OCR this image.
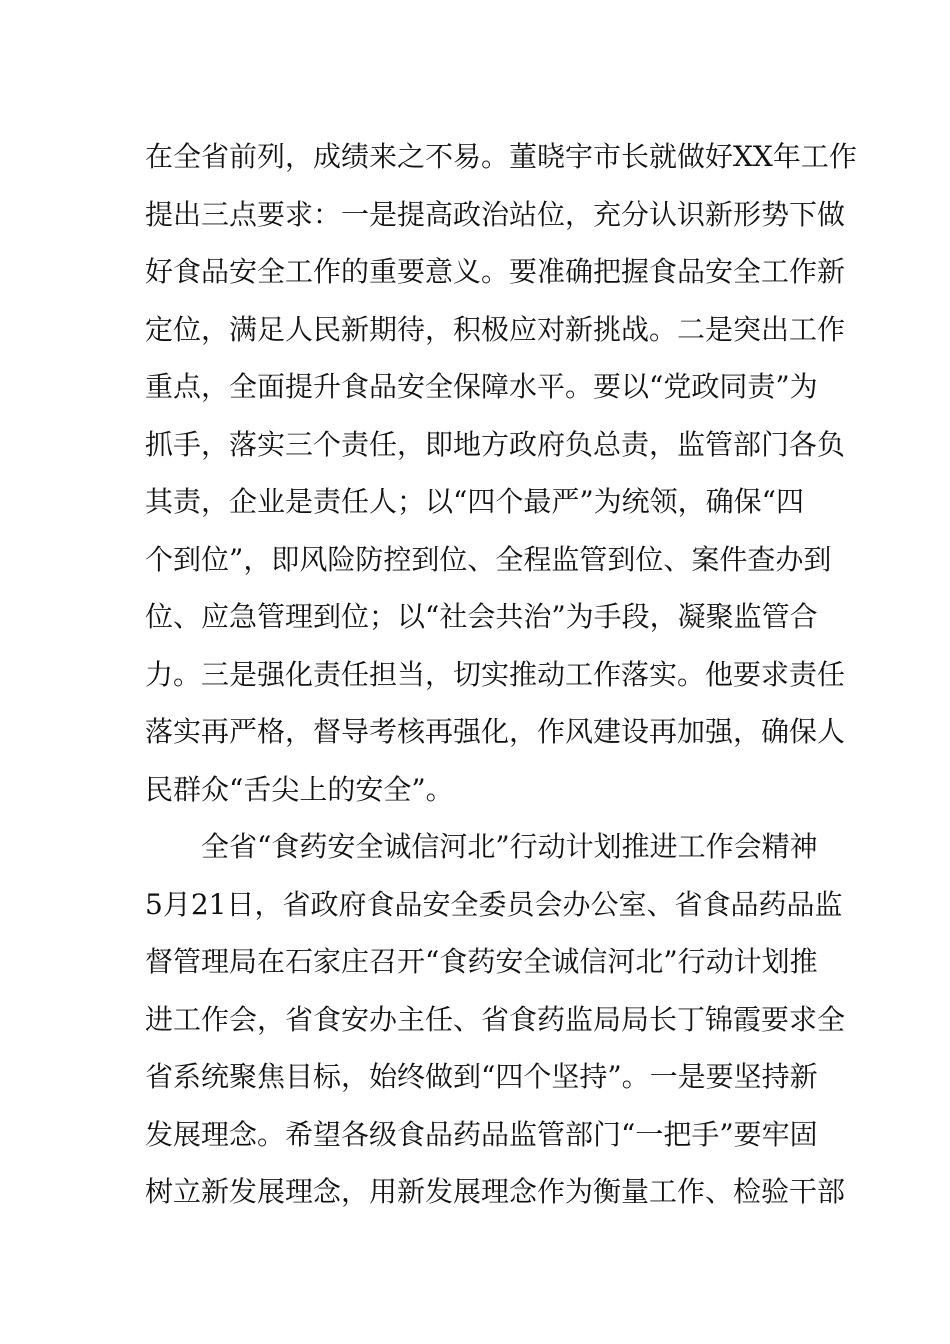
在全省前列，成绩来之不易。董晓宇市长就做好XX年工作
提出三点要求：一是提高政治站位，充分认识新形势下做
好食品安全工作的重要意义。要准确把握食品安全工作新
定位，满足人民新期待，积极应对新挑战。二是突出工作
重点，全面提升食品安全保障水平。要以“党政同责”为
抓手，落实三个责任，即地方政府负总责，监管部门各负
其责，企业是责任人；以“四个最严”为统领，确保“四
个到位”，即风险防控到位、全程监管到位、案件查办到
位、应急管理到位；以“社会共治”为手段，凝聚监管合
力。三是强化责任担当，切实推动工作落实。他要求责任
落实再严格，督导考核再强化，作风建设再加强，确保人
民群众“舌尖上的安全”。
全省“食药安全诚信河北”行动计划推进工作会精神
5月21日，省政府食品安全委员会办公室、省食品药品监
督管理局在石家庄召开“食药安全诚信河北”行动计划推
进工作会，省食安办主任、省食药监局局长丁锦霞要求全
省系统聚焦目标，始终做到“四个坚持”。一是要坚持新
发展理念。希望各级食品药品监管部门“一把手”要牢固
树立新发展理念，用新发展理念作为衡量工作、检验干部
